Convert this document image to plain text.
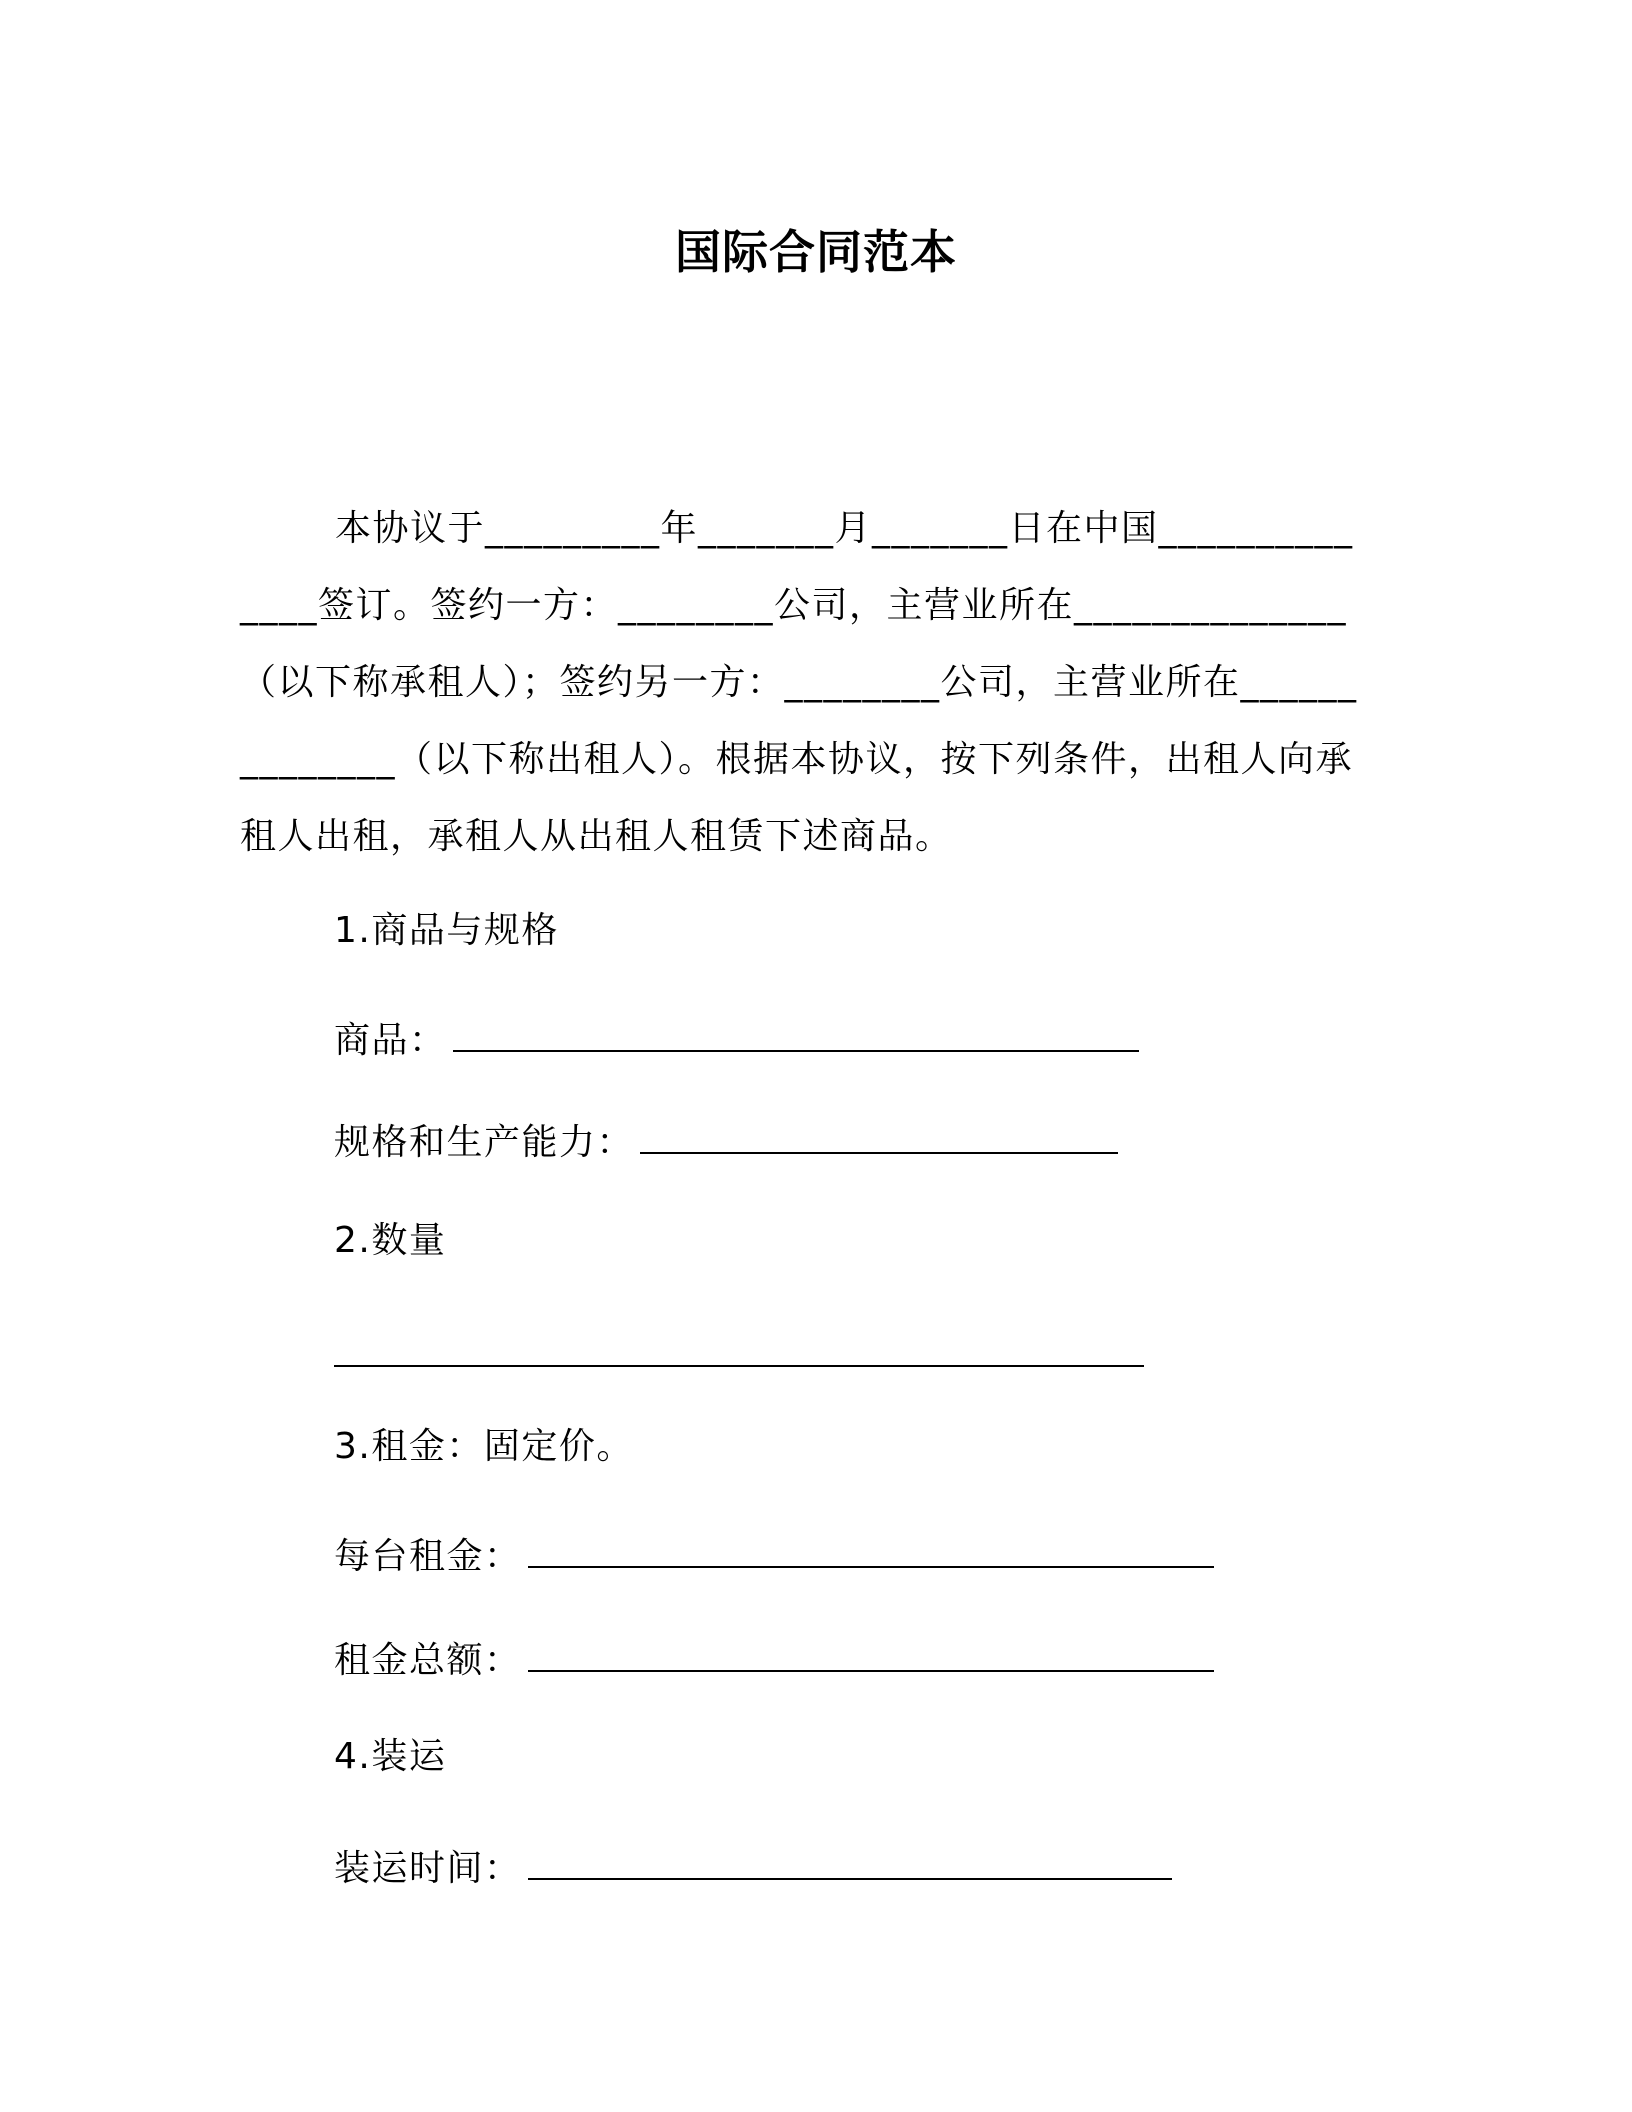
国际合同范本
本协议于_________年_______月_______日在中国______________签订。签约一方：________公司，主营业所在______________（以下称承租人）；签约另一方：________公司，主营业所在______________（以下称出租人）。根据本协议，按下列条件，出租人向承租人出租，承租人从出租人租赁下述商品。
1.商品与规格
商品：
规格和生产能力：
2.数量
3.租金：固定价。
每台租金：
租金总额：
4.装运
装运时间：
